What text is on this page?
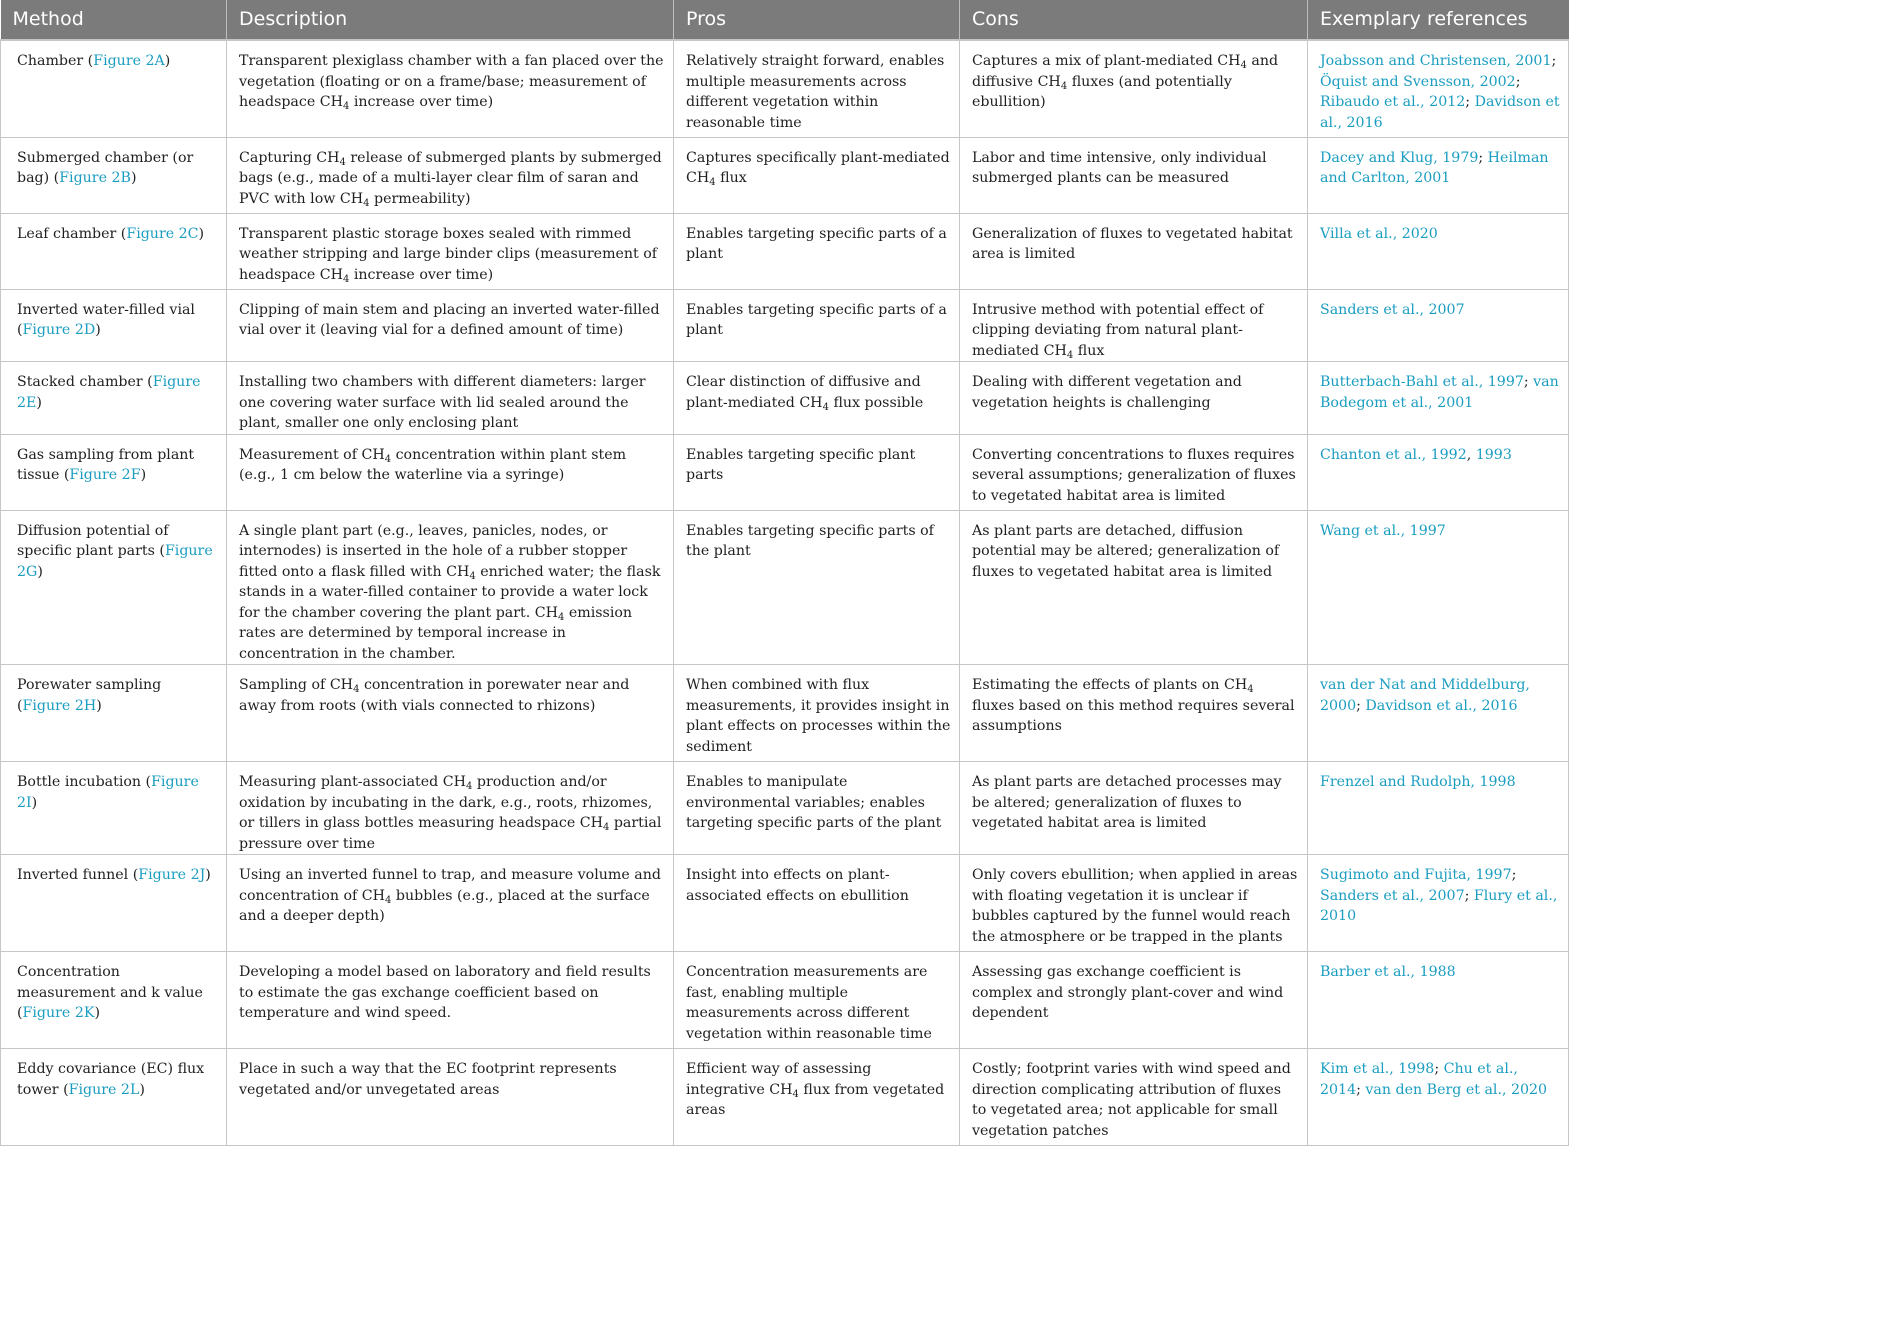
Method	Description	Pros	Cons	Exemplary references
Chamber (Figure 2A)	Transparent plexiglass chamber with a fan placed over the vegetation (floating or on a frame/base; measurement of headspace $CH_4$ increase over time)	Relatively straight forward, enables multiple measurements across different vegetation within reasonable time	Captures a mix of plant-mediated $CH_4$ and diffusive $CH_4$ fluxes (and potentially ebullition)	Joabsson and Christensen, 2001; Öquist and Svensson, 2002; Ribaudo et al., 2012; Davidson et al., 2016
Submerged chamber (or bag) (Figure 2B)	Capturing $CH_4$ release of submerged plants by submerged bags (e.g., made of a multi-layer clear film of saran and PVC with low $CH_4$ permeability)	Captures specifically plant-mediated $CH_4$ flux	Labor and time intensive, only individual submerged plants can be measured	Dacey and Klug, 1979; Heilman and Carlton, 2001
Leaf chamber (Figure 2C)	Transparent plastic storage boxes sealed with rimmed weather stripping and large binder clips (measurement of headspace $CH_4$ increase over time)	Enables targeting specific parts of a plant	Generalization of fluxes to vegetated habitat area is limited	Villa et al., 2020
Inverted water-filled vial (Figure 2D)	Clipping of main stem and placing an inverted water-filled vial over it (leaving vial for a defined amount of time)	Enables targeting specific parts of a plant	Intrusive method with potential effect of clipping deviating from natural plant-mediated $CH_4$ flux	Sanders et al., 2007
Stacked chamber (Figure 2E)	Installing two chambers with different diameters: larger one covering water surface with lid sealed around the plant, smaller one only enclosing plant	Clear distinction of diffusive and plant-mediated $CH_4$ flux possible	Dealing with different vegetation and vegetation heights is challenging	Butterbach-Bahl et al., 1997; van Bodegom et al., 2001
Gas sampling from plant tissue (Figure 2F)	Measurement of $CH_4$ concentration within plant stem (e.g., 1 cm below the waterline via a syringe)	Enables targeting specific plant parts	Converting concentrations to fluxes requires several assumptions; generalization of fluxes to vegetated habitat area is limited	Chanton et al., 1992, 1993
Diffusion potential of specific plant parts (Figure 2G)	A single plant part (e.g., leaves, panicles, nodes, or internodes) is inserted in the hole of a rubber stopper fitted onto a flask filled with $CH_4$ enriched water; the flask stands in a water-filled container to provide a water lock for the chamber covering the plant part. $CH_4$ emission rates are determined by temporal increase in concentration in the chamber.	Enables targeting specific parts of the plant	As plant parts are detached, diffusion potential may be altered; generalization of fluxes to vegetated habitat area is limited	Wang et al., 1997
Porewater sampling (Figure 2H)	Sampling of $CH_4$ concentration in porewater near and away from roots (with vials connected to rhizons)	When combined with flux measurements, it provides insight in plant effects on processes within the sediment	Estimating the effects of plants on $CH_4$ fluxes based on this method requires several assumptions	van der Nat and Middelburg, 2000; Davidson et al., 2016
Bottle incubation (Figure 2I)	Measuring plant-associated $CH_4$ production and/or oxidation by incubating in the dark, e.g., roots, rhizomes, or tillers in glass bottles measuring headspace $CH_4$ partial pressure over time	Enables to manipulate environmental variables; enables targeting specific parts of the plant	As plant parts are detached processes may be altered; generalization of fluxes to vegetated habitat area is limited	Frenzel and Rudolph, 1998
Inverted funnel (Figure 2J)	Using an inverted funnel to trap, and measure volume and concentration of $CH_4$ bubbles (e.g., placed at the surface and a deeper depth)	Insight into effects on plant-associated effects on ebullition	Only covers ebullition; when applied in areas with floating vegetation it is unclear if bubbles captured by the funnel would reach the atmosphere or be trapped in the plants	Sugimoto and Fujita, 1997; Sanders et al., 2007; Flury et al., 2010
Concentration measurement and k value (Figure 2K)	Developing a model based on laboratory and field results to estimate the gas exchange coefficient based on temperature and wind speed.	Concentration measurements are fast, enabling multiple measurements across different vegetation within reasonable time	Assessing gas exchange coefficient is complex and strongly plant-cover and wind dependent	Barber et al., 1988
Eddy covariance (EC) flux tower (Figure 2L)	Place in such a way that the EC footprint represents vegetated and/or unvegetated areas	Efficient way of assessing integrative $CH_4$ flux from vegetated areas	Costly; footprint varies with wind speed and direction complicating attribution of fluxes to vegetated area; not applicable for small vegetation patches	Kim et al., 1998; Chu et al., 2014; van den Berg et al., 2020
